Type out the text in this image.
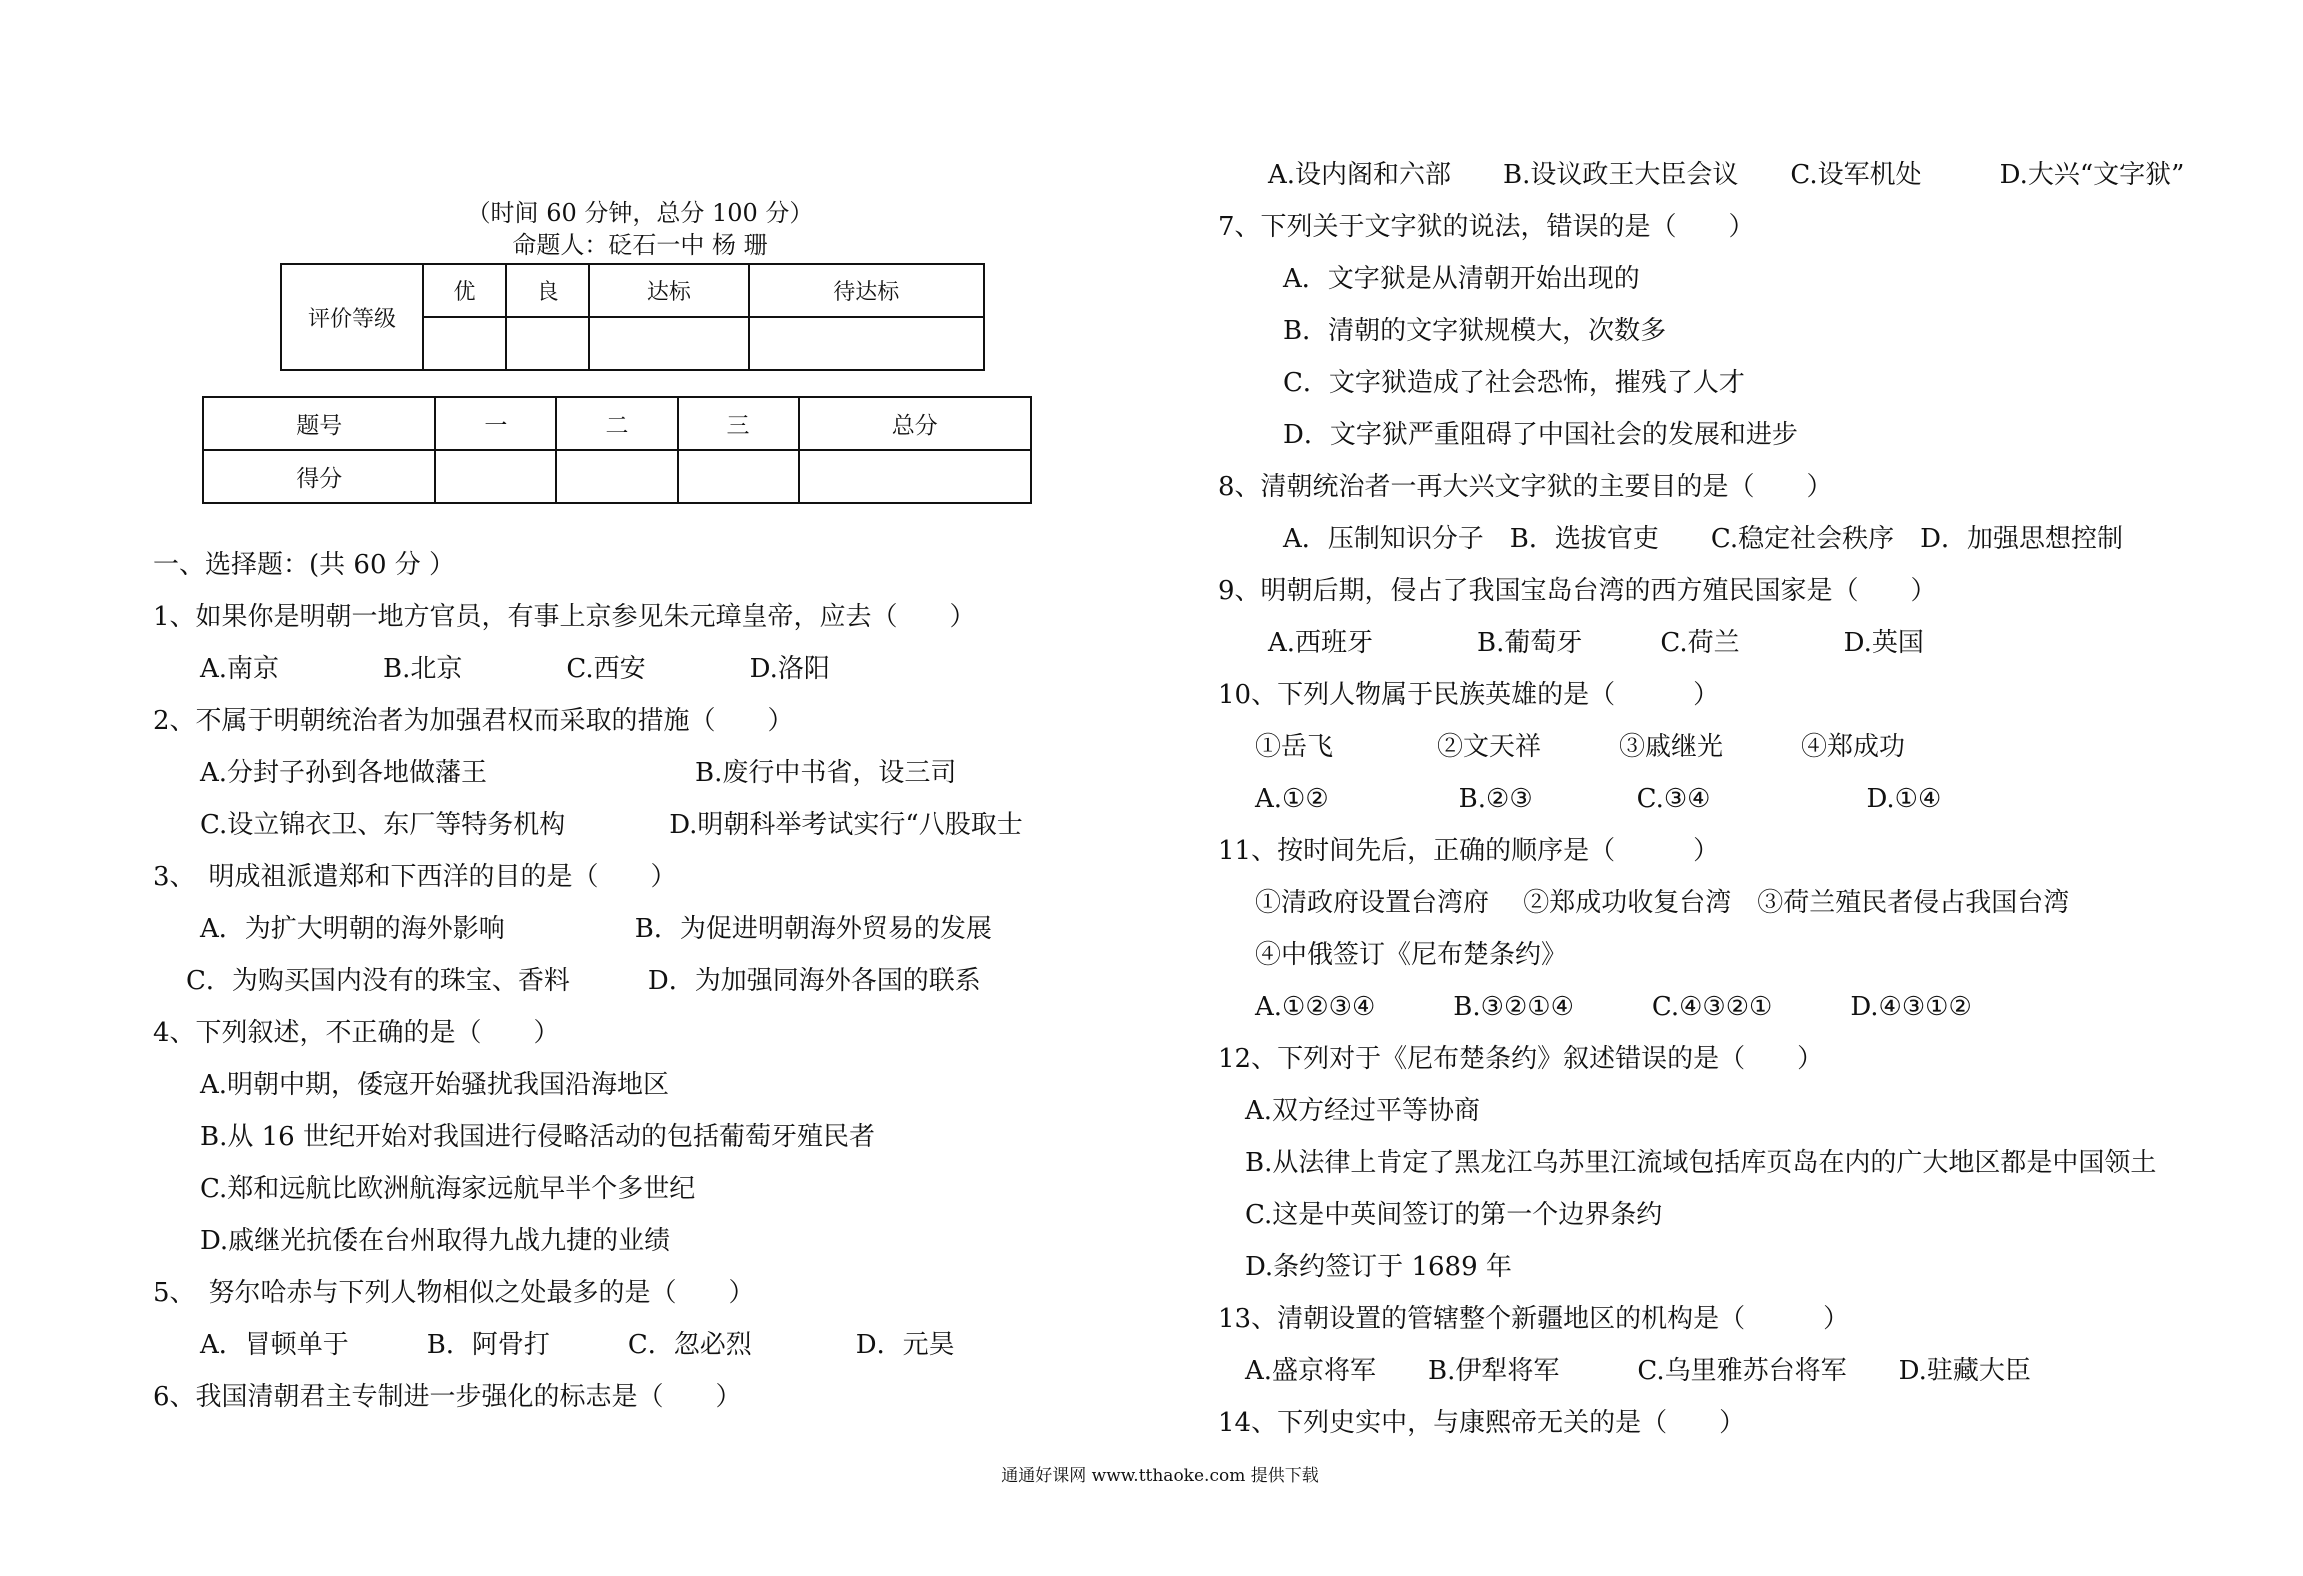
（时间 60 分钟，总分 100 分）
命题人：砭石一中 杨 珊
评价等级	优	良	达标	待达标

题号	一	二	三	总分
得分				
一、选择题：(共 60 分 ）
1、如果你是明朝一地方官员，有事上京参见朱元璋皇帝，应去（　　）
A.南京　　　　B.北京　　　　C.西安　　　　D.洛阳
2、不属于明朝统治者为加强君权而采取的措施（　　）
A.分封子孙到各地做藩王　　　　　　　　B.废行中书省，设三司
C.设立锦衣卫、东厂等特务机构　　　　D.明朝科举考试实行“八股取士
3、　明成祖派遣郑和下西洋的目的是（　　）
A．为扩大明朝的海外影响　　　　　B．为促进明朝海外贸易的发展
C．为购买国内没有的珠宝、香料　　　D．为加强同海外各国的联系
4、下列叙述，不正确的是（　　）
A.明朝中期，倭寇开始骚扰我国沿海地区
B.从 16 世纪开始对我国进行侵略活动的包括葡萄牙殖民者
C.郑和远航比欧洲航海家远航早半个多世纪
D.戚继光抗倭在台州取得九战九捷的业绩
5、　努尔哈赤与下列人物相似之处最多的是（　　）
A．冒顿单于　　　B．阿骨打　　　C．忽必烈　　　　D．元昊
6、我国清朝君主专制进一步强化的标志是（　　）
A.设内阁和六部　　B.设议政王大臣会议　　C.设军机处　　　D.大兴“文字狱”
7、下列关于文字狱的说法，错误的是（　　）
A．文字狱是从清朝开始出现的
B．清朝的文字狱规模大，次数多
C．文字狱造成了社会恐怖，摧残了人才
D．文字狱严重阻碍了中国社会的发展和进步
8、清朝统治者一再大兴文字狱的主要目的是（　　）
A．压制知识分子　B．选拔官吏　　C.稳定社会秩序　D．加强思想控制
9、明朝后期，侵占了我国宝岛台湾的西方殖民国家是（　　）
A.西班牙　　　　B.葡萄牙　　　C.荷兰　　　　D.英国
10、下列人物属于民族英雄的是（　　　）
①岳飞　　　　②文天祥　　　③戚继光　　　④郑成功
A.①②　　　　　B.②③　　　　C.③④　　　　　　D.①④
11、按时间先后，正确的顺序是（　　　）
①清政府设置台湾府　 ②郑成功收复台湾　③荷兰殖民者侵占我国台湾
④中俄签订《尼布楚条约》
A.①②③④　　　B.③②①④　　　C.④③②①　　　D.④③①②
12、下列对于《尼布楚条约》叙述错误的是（　　）
A.双方经过平等协商
B.从法律上肯定了黑龙江乌苏里江流域包括库页岛在内的广大地区都是中国领土
C.这是中英间签订的第一个边界条约
D.条约签订于 1689 年
13、清朝设置的管辖整个新疆地区的机构是（　　　）
A.盛京将军　　B.伊犁将军　　　C.乌里雅苏台将军　　D.驻藏大臣
14、下列史实中，与康熙帝无关的是（　　）
通通好课网 www.tthaoke.com 提供下载
